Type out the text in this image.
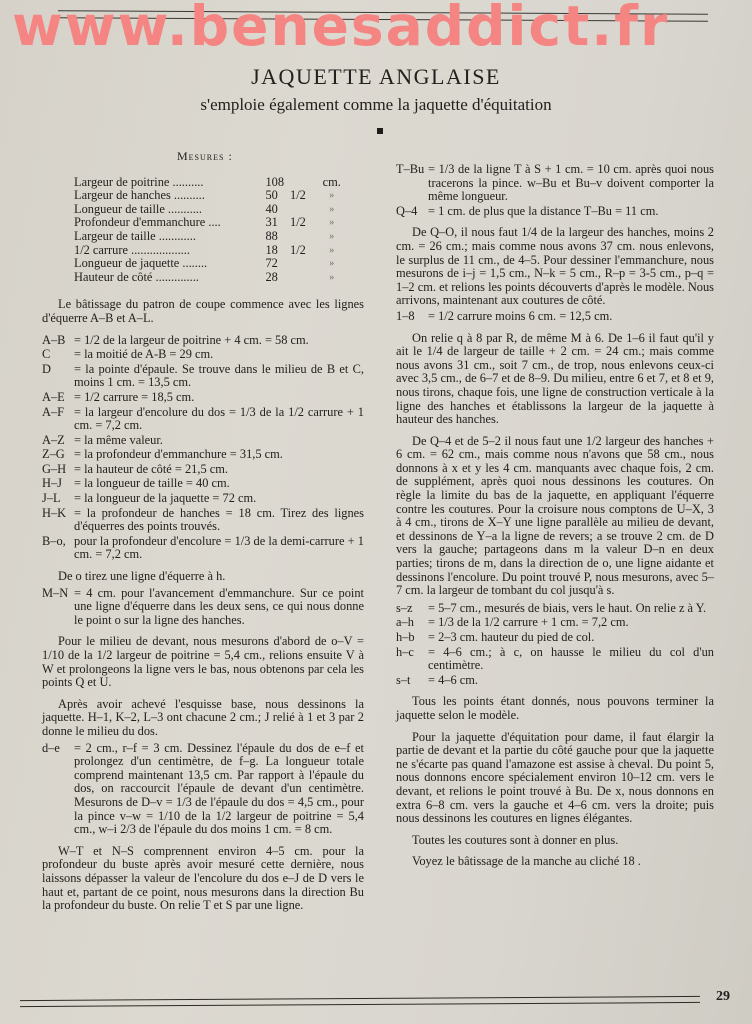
www.benesaddict.fr
JAQUETTE ANGLAISE
s'emploie également comme la jaquette d'équitation
Mesures :
Largeur de poitrine ..........	108	cm.
Largeur de hanches ..........	50 1/2	»
Longueur de taille ...........	40	»
Profondeur d'emmanchure ....	31 1/2	»
Largeur de taille ............	88	»
1/2 carrure ...................	18 1/2	»
Longueur de jaquette ........	72	»
Hauteur de côté ..............	28	»

Le bâtissage du patron de coupe commence avec les lignes d'équerre A–B et A–L.

A–B = 1/2 de la largeur de poitrine + 4 cm. = 58 cm.
C	= la moitié de A-B = 29 cm.
D	= la pointe d'épaule. Se trouve dans le milieu de B et C, moins 1 cm. = 13,5 cm.
A–E = 1/2 carrure = 18,5 cm.
A–F = la largeur d'encolure du dos = 1/3 de la 1/2 carrure + 1 cm. = 7,2 cm.
A–Z = la même valeur.
Z–G = la profondeur d'emmanchure = 31,5 cm.
G–H = la hauteur de côté = 21,5 cm.
H–J = la longueur de taille = 40 cm.
J–L	= la longueur de la jaquette = 72 cm.
H–K = la profondeur de hanches = 18 cm. Tirez des lignes d'équerres des points trouvés.
B–o, pour la profondeur d'encolure = 1/3 de la demi-carrure + 1 cm. = 7,2 cm.

De o tirez une ligne d'équerre à h.

M–N = 4 cm. pour l'avancement d'emmanchure. Sur ce point une ligne d'équerre dans les deux sens, ce qui nous donne le point o sur la ligne des hanches.

Pour le milieu de devant, nous mesurons d'abord de o–V = 1/10 de la 1/2 largeur de poitrine = 5,4 cm., relions ensuite V à W et prolongeons la ligne vers le bas, nous obtenons par cela les points Q et U.

Après avoir achevé l'esquisse base, nous dessinons la jaquette. H–1, K–2, L–3 ont chacune 2 cm.; J relié à 1 et 3 par 2 donne le milieu du dos.

d–e	= 2 cm., r–f = 3 cm. Dessinez l'épaule du dos de e–f et prolongez d'un centimètre, de f–g. La longueur totale comprend maintenant 13,5 cm. Par rapport à l'épaule du dos, on raccourcit l'épaule de devant d'un centimètre. Mesurons de D–v = 1/3 de l'épaule du dos = 4,5 cm., pour la pince v–w = 1/10 de la 1/2 largeur de poitrine = 5,4 cm., w–i 2/3 de l'épaule du dos moins 1 cm. = 8 cm.

W–T et N–S comprennent environ 4–5 cm. pour la profondeur du buste après avoir mesuré cette dernière, nous laissons dépasser la valeur de l'encolure du dos e–J de D vers le haut et, partant de ce point, nous mesurons dans la direction Bu la profondeur du buste. On relie T et S par une ligne.

T–Bu = 1/3 de la ligne T à S + 1 cm. = 10 cm. après quoi nous tracerons la pince. w–Bu et Bu–v doivent comporter la même longueur.
Q–4 = 1 cm. de plus que la distance T–Bu = 11 cm.

De Q–O, il nous faut 1/4 de la largeur des hanches, moins 2 cm. = 26 cm.; mais comme nous avons 37 cm. nous enlevons, le surplus de 11 cm., de 4–5. Pour dessiner l'emmanchure, nous mesurons de i–j = 1,5 cm., N–k = 5 cm., R–p = 3-5 cm., p–q = 1–2 cm. et relions les points découverts d'après le modèle. Nous arrivons, maintenant aux coutures de côté.

1–8	= 1/2 carrure moins 6 cm. = 12,5 cm.

On relie q à 8 par R, de même M à 6. De 1–6 il faut qu'il y ait le 1/4 de largeur de taille + 2 cm. = 24 cm.; mais comme nous avons 31 cm., soit 7 cm., de trop, nous enlevons ceux-ci avec 3,5 cm., de 6–7 et de 8–9. Du milieu, entre 6 et 7, et 8 et 9, nous tirons, chaque fois, une ligne de construction verticale à la ligne des hanches et établissons la largeur de la jaquette à hauteur des hanches.

De Q–4 et de 5–2 il nous faut une 1/2 largeur des hanches + 6 cm. = 62 cm., mais comme nous n'avons que 58 cm., nous donnons à x et y les 4 cm. manquants avec chaque fois, 2 cm. de supplément, après quoi nous dessinons les coutures. On règle la limite du bas de la jaquette, en appliquant l'équerre contre les coutures. Pour la croisure nous comptons de U–X, 3 à 4 cm., tirons de X–Y une ligne parallèle au milieu de devant, et dessinons de Y–a la ligne de revers; a se trouve 2 cm. de D vers la gauche; partageons dans m la valeur D–n en deux parties; tirons de m, dans la direction de o, une ligne aidante et dessinons l'encolure. Du point trouvé P, nous mesurons, avec 5–7 cm. la largeur de tombant du col jusqu'à s.

s–z	= 5–7 cm., mesurés de biais, vers le haut. On relie z à Y.
a–h	= 1/3 de la 1/2 carrure + 1 cm. = 7,2 cm.
h–b	= 2–3 cm. hauteur du pied de col.
h–c	= 4–6 cm.; à c, on hausse le milieu du col d'un centimètre.
s–t	= 4–6 cm.

Tous les points étant donnés, nous pouvons terminer la jaquette selon le modèle.

Pour la jaquette d'équitation pour dame, il faut élargir la partie de devant et la partie du côté gauche pour que la jaquette ne s'écarte pas quand l'amazone est assise à cheval. Du point 5, nous donnons encore spécialement environ 10–12 cm. vers le devant, et relions le point trouvé à Bu. De x, nous donnons en extra 6–8 cm. vers la gauche et 4–6 cm. vers la droite; puis nous dessinons les coutures en lignes élégantes.

Toutes les coutures sont à donner en plus.

Voyez le bâtissage de la manche au cliché 18 .

29
